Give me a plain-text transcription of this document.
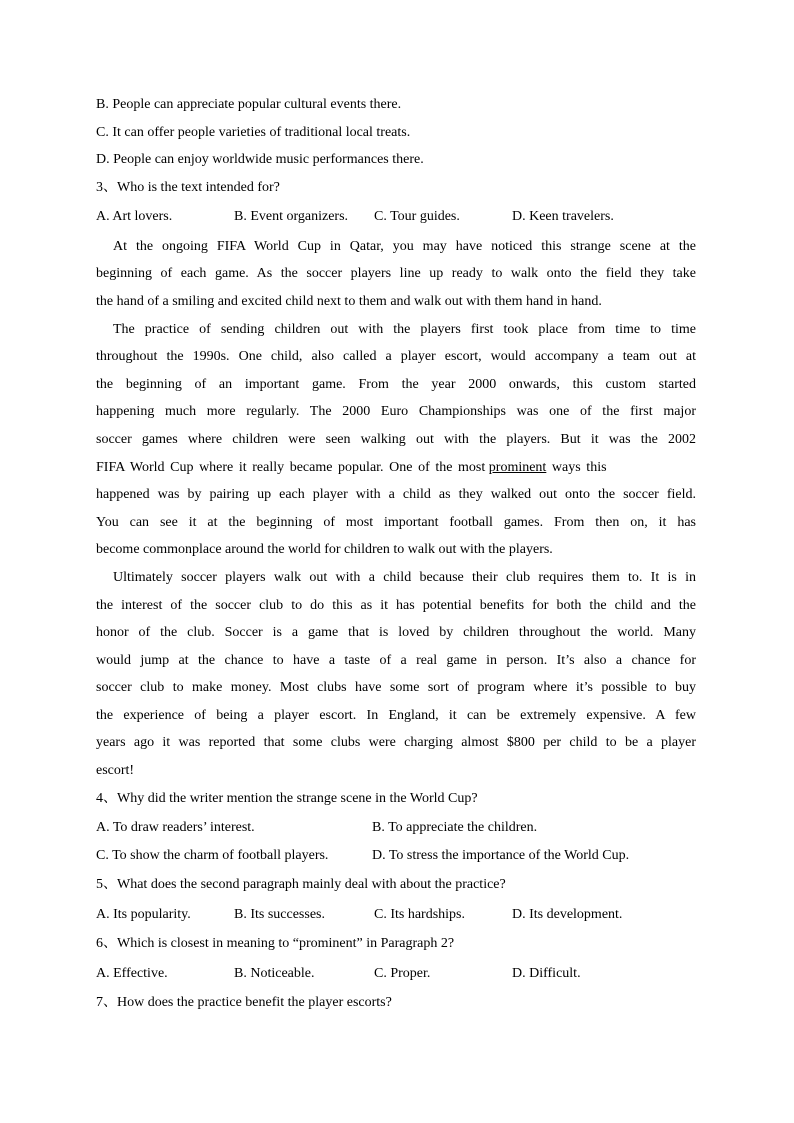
B. People can appreciate popular cultural events there.
C. It can offer people varieties of traditional local treats.
D. People can enjoy worldwide music performances there.
3、Who is the text intended for?
A. Art lovers.	B. Event organizers. C. Tour guides.	D. Keen travelers.
At the ongoing FIFA World Cup in Qatar, you may have noticed this strange scene at the
beginning of each game. As the soccer players line up ready to walk onto the field they take
the hand of a smiling and excited child next to them and walk out with them hand in hand.
The practice of sending children out with the players first took place from time to time
throughout the 1990s. One child, also called a player escort, would accompany a team out at
the beginning of an important game. From the year 2000 onwards, this custom started
happening much more regularly. The 2000 Euro Championships was one of the first major
soccer games where children were seen walking out with the players. But it was the 2002
FIFA World Cup where it really became popular. One of the most prominent ways this
happened was by pairing up each player with a child as they walked out onto the soccer field.
You can see it at the beginning of most important football games. From then on, it has
become commonplace around the world for children to walk out with the players.
Ultimately soccer players walk out with a child because their club requires them to. It is in
the interest of the soccer club to do this as it has potential benefits for both the child and the
honor of the club. Soccer is a game that is loved by children throughout the world. Many
would jump at the chance to have a taste of a real game in person. It’s also a chance for
soccer club to make money. Most clubs have some sort of program where it’s possible to buy
the experience of being a player escort. In England, it can be extremely expensive. A few
years ago it was reported that some clubs were charging almost $800 per child to be a player
escort!
4、Why did the writer mention the strange scene in the World Cup?
A. To draw readers’ interest.	B. To appreciate the children.
C. To show the charm of football players.	D. To stress the importance of the World Cup.
5、What does the second paragraph mainly deal with about the practice?
A. Its popularity.	B. Its successes.	C. Its hardships.	D. Its development.
6、Which is closest in meaning to “prominent” in Paragraph 2?
A. Effective.	B. Noticeable.	C. Proper.	D. Difficult.
7、How does the practice benefit the player escorts?
